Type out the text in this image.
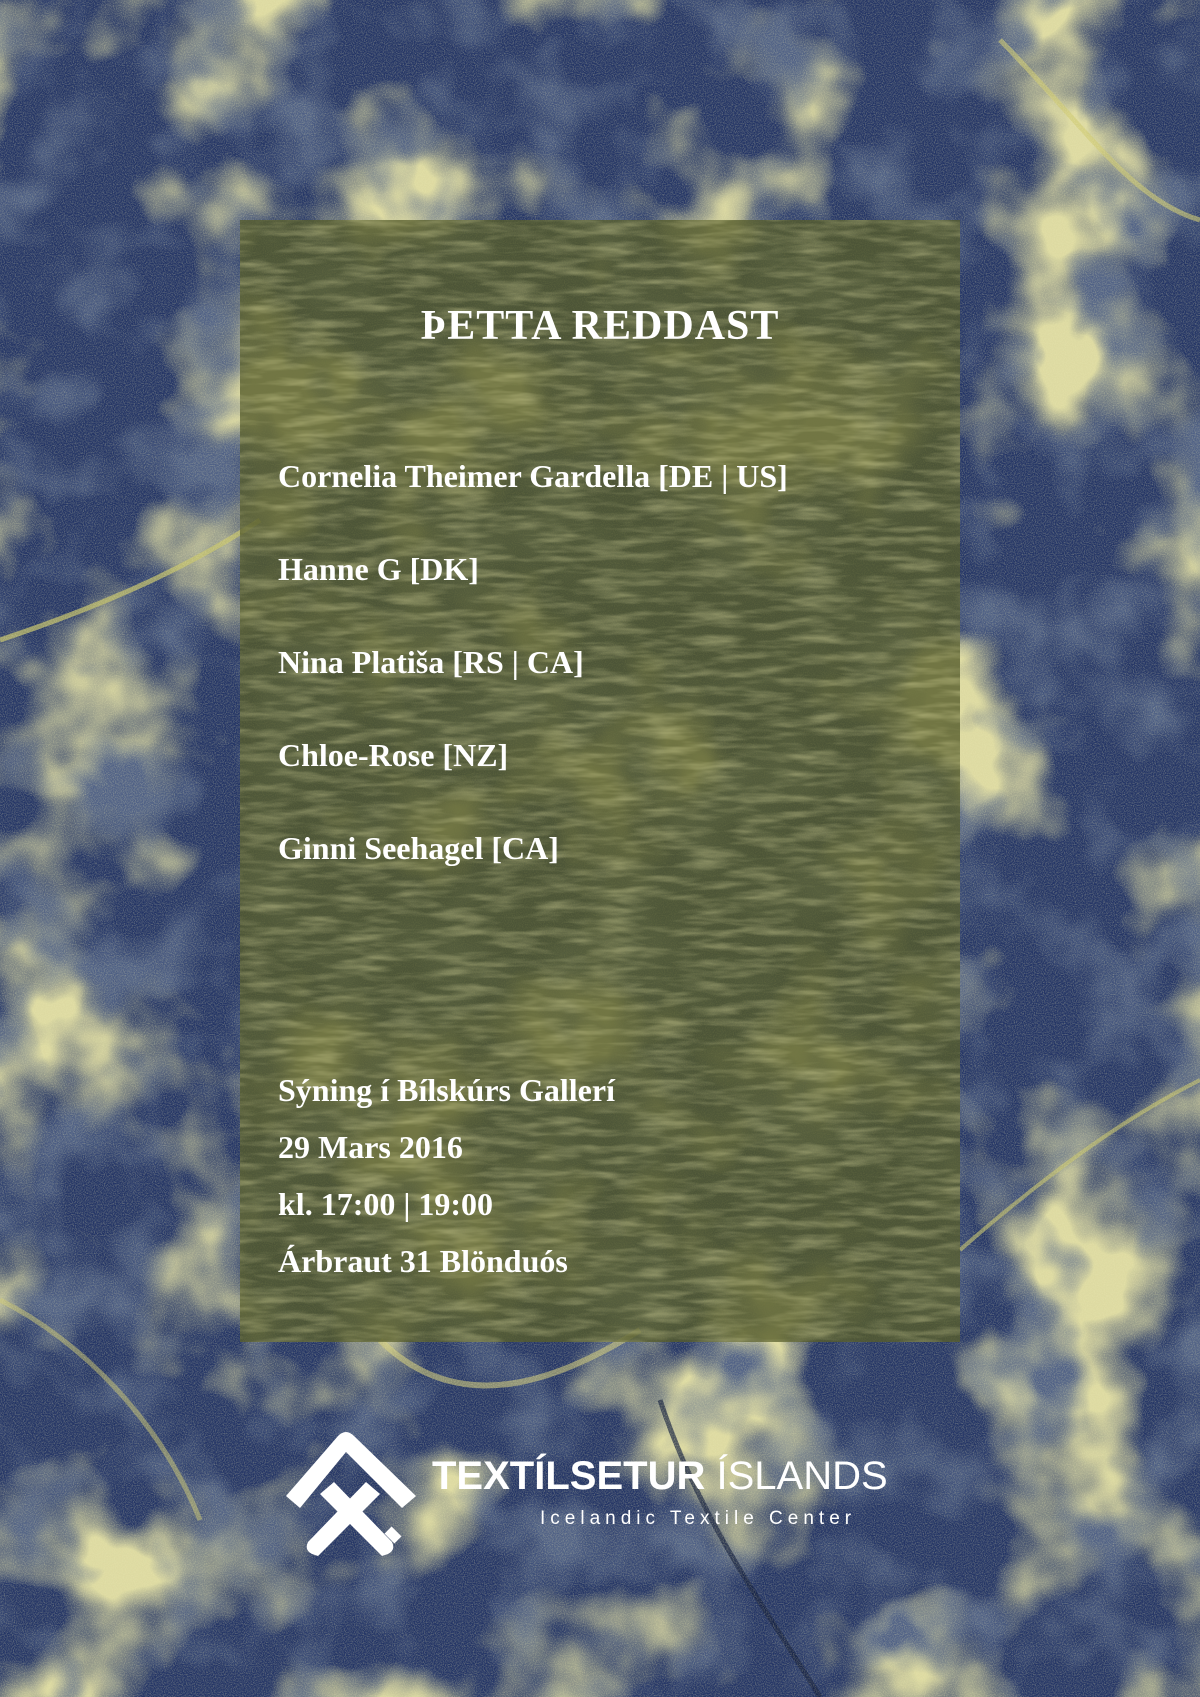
ÞETTA REDDAST
Cornelia Theimer Gardella [DE | US]
Hanne G [DK]
Nina Platiša [RS | CA]
Chloe-Rose [NZ]
Ginni Seehagel [CA]
Sýning í Bílskúrs Gallerí
29 Mars 2016
kl. 17:00 | 19:00
Árbraut 31 Blönduós
TEXTÍLSETUR ÍSLANDS
Icelandic Textile Center
